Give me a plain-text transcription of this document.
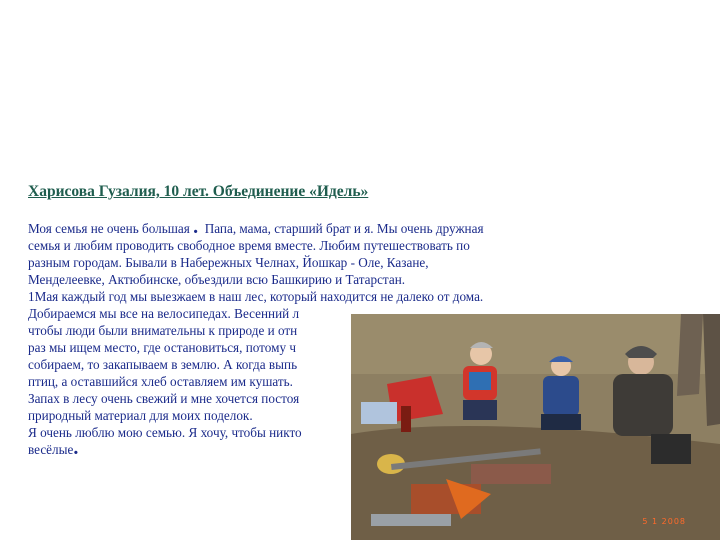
Харисова Гузалия, 10 лет. Объединение «Идель»
Моя семья не очень большая . Папа, мама, старший брат и я. Мы очень дружная
семья и любим проводить свободное время вместе. Любим путешествовать по
разным городам. Бывали в Набережных Челнах, Йошкар - Оле, Казане,
Менделеевке, Актюбинске, объездили всю Башкирию и Татарстан.
1Мая каждый год мы выезжаем в наш лес, который находится не далеко от дома.
Добираемся мы все на велосипедах. Весенний л
чтобы люди были внимательны к природе и отн
раз мы ищем место, где остановиться, потому ч
собираем, то закапываем в землю. А когда выпь
птиц, а оставшийся хлеб оставляем им кушать.
Запах в лесу очень свежий и мне хочется постоя
природный материал для моих поделок.
Я очень люблю мою семью. Я хочу, чтобы никто
весёлые.
5 1 2008
